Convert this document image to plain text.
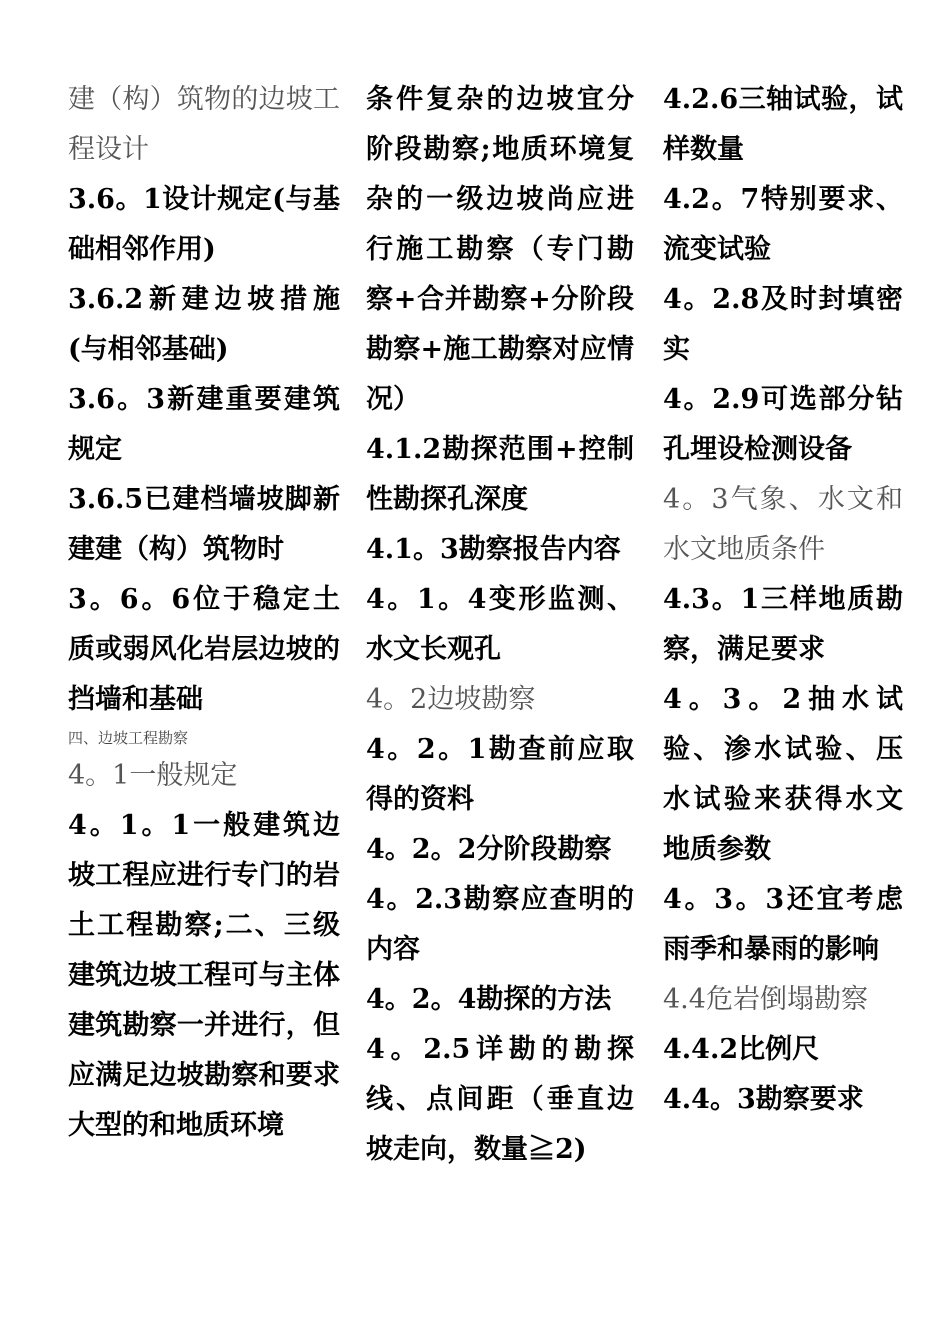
建（构）筑物的边坡工程设计

3.6。1设计规定(与基础相邻作用)

3.6.2新建边坡措施(与相邻基础)

3.6。3新建重要建筑规定

3.6.5已建档墙坡脚新建建（构）筑物时

3。6。6位于稳定土质或弱风化岩层边坡的挡墙和基础

四、边坡工程勘察

4。1一般规定

4。1。1一般建筑边坡工程应进行专门的岩土工程勘察;二、三级建筑边坡工程可与主体建筑勘察一并进行，但应满足边坡勘察和要求大型的和地质环境

条件复杂的边坡宜分阶段勘察;地质环境复杂的一级边坡尚应进行施工勘察（专门勘察+合并勘察+分阶段勘察+施工勘察对应情况）

4.1.2勘探范围+控制性勘探孔深度

4.1。3勘察报告内容

4。1。4变形监测、水文长观孔

4。2边坡勘察

4。2。1勘查前应取得的资料

4。2。2分阶段勘察

4。2.3勘察应查明的内容

4。2。4勘探的方法

4。2.5详勘的勘探线、点间距（垂直边坡走向，数量≧2)

4.2.6三轴试验，试样数量

4.2。7特别要求、流变试验

4。2.8及时封填密实

4。2.9可选部分钻孔埋设检测设备

4。3气象、水文和水文地质条件

4.3。1三样地质勘察，满足要求

4。3。2抽水试验、渗水试验、压水试验来获得水文地质参数

4。3。3还宜考虑雨季和暴雨的影响

4.4危岩倒塌勘察

4.4.2比例尺

4.4。3勘察要求
